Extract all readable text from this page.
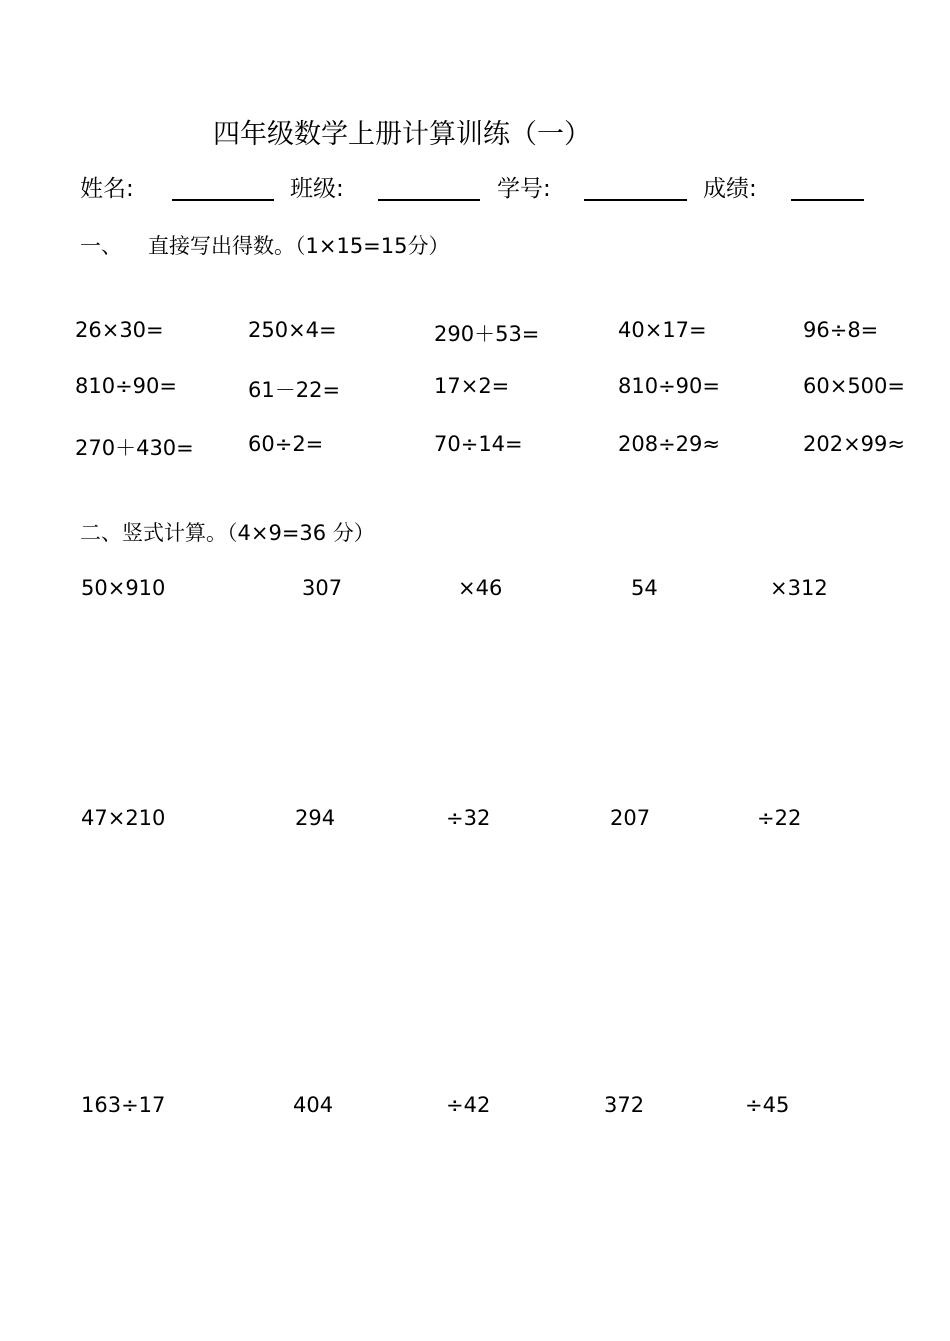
四年级数学上册计算训练（一）
姓名:	班级:	学号:	成绩:
一、 直接写出得数。（1×15=15分）
26×30=	250×4=	290＋53=	40×17=	96÷8=
810÷90=	61－22=	17×2=	810÷90=	60×500=
270＋430=	60÷2=	70÷14=	208÷29≈	202×99≈
二、竖式计算。（4×9=36 分）
50×910	307	×46	54	×312
47×210	294	÷32	207	÷22
163÷17	404	÷42	372	÷45
